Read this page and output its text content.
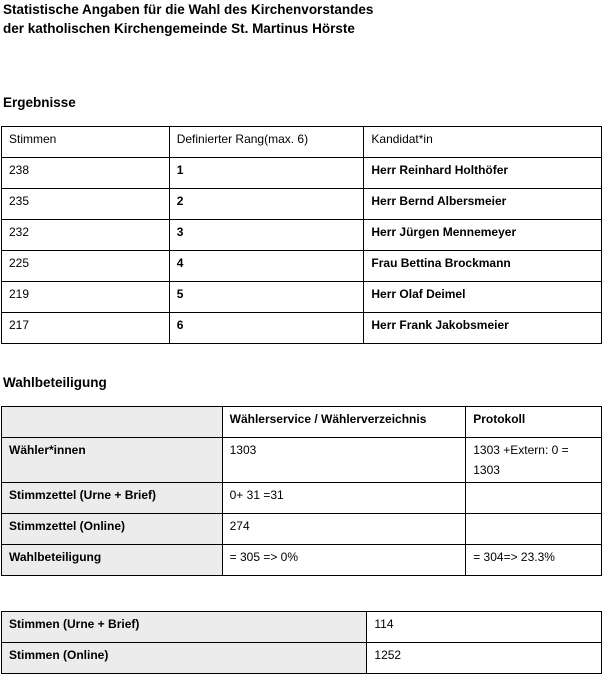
Statistische Angaben für die Wahl des Kirchenvorstandes
der katholischen Kirchengemeinde St. Martinus Hörste
Ergebnisse
Stimmen	Definierter Rang(max. 6)	Kandidat*in
238	1	Herr Reinhard Holthöfer
235	2	Herr Bernd Albersmeier
232	3	Herr Jürgen Mennemeyer
225	4	Frau Bettina Brockmann
219	5	Herr Olaf Deimel
217	6	Herr Frank Jakobsmeier
Wahlbeteiligung
	Wählerservice / Wählerverzeichnis	Protokoll
Wähler*innen	1303	1303 +Extern: 0 = 1303
Stimmzettel (Urne + Brief)	0+ 31 =31	
Stimmzettel (Online)	274	
Wahlbeteiligung	= 305 => 0%	= 304=> 23.3%
Stimmen (Urne + Brief)	114
Stimmen (Online)	1252
